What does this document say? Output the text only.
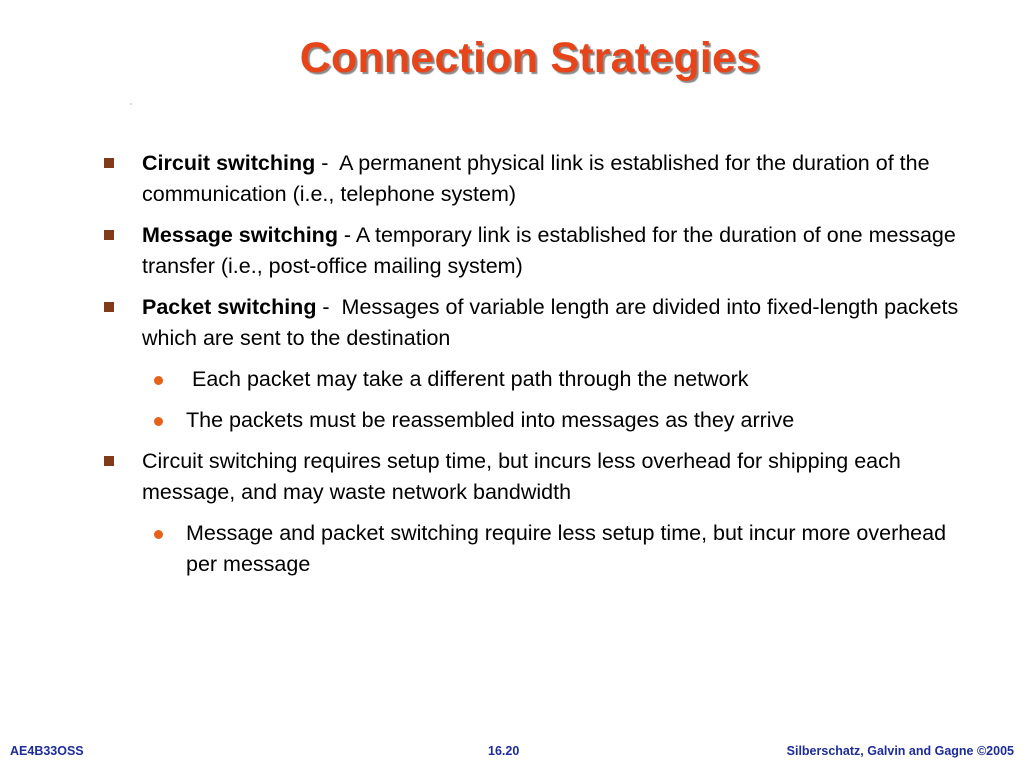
Connection Strategies
Circuit switching -  A permanent physical link is established for the duration of the communication (i.e., telephone system)
Message switching - A temporary link is established for the duration of one message transfer (i.e., post-office mailing system)
Packet switching -  Messages of variable length are divided into fixed-length packets which are sent to the destination
Each packet may take a different path through the network
The packets must be reassembled into messages as they arrive
Circuit switching requires setup time, but incurs less overhead for shipping each message, and may waste network bandwidth
Message and packet switching require less setup time, but incur more overhead per message
AE4B33OSS	16.20	Silberschatz, Galvin and Gagne ©2005
